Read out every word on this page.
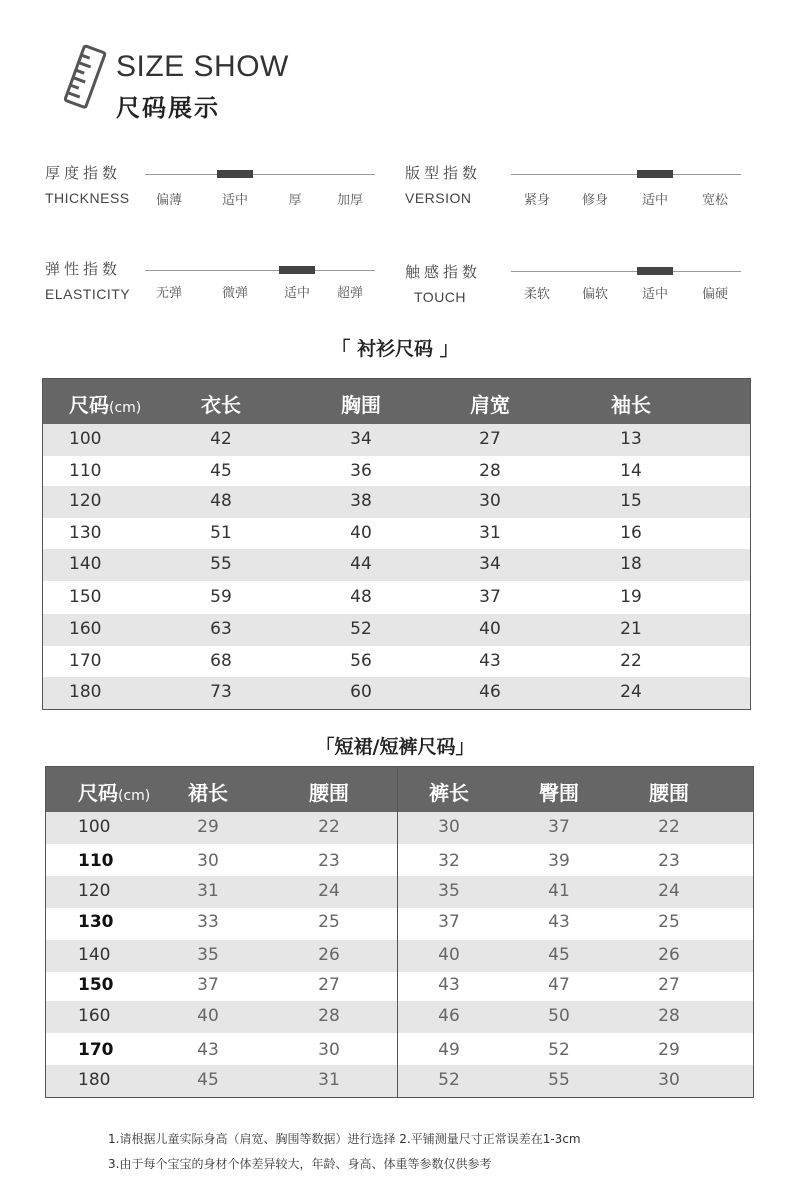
SIZE SHOW
尺码展示
厚度指数
THICKNESS 偏薄	适中	厚	加厚
版型指数
VERSION	紧身 修身	适中	宽松
弹性指数
ELASTICITY 无弹	微弹	适中 超弹
触感指数
TOUCH	柔软 偏软	适中	偏硬
「 衬衫尺码 」
尺码(cm)	衣长	胸围	肩宽	袖长
100	42	34	27	13
110	45	36	28	14
120	48	38	30	15
130	51	40	31	16
140	55	44	34	18
150	59	48	37	19
160	63	52	40	21
170	68	56	43	22
180	73	60	46	24
「短裙/短裤尺码」
尺码(cm) 裙长	腰围	裤长	臀围	腰围
100	29	22	30	37	22
110	30	23	32	39	23
120	31	24	35	41	24
130	33	25	37	43	25
140	35	26	40	45	26
150	37	27	43	47	27
160	40	28	46	50	28
170	43	30	49	52	29
180	45	31	52	55	30
1.请根据儿童实际身高（肩宽、胸围等数据）进行选择 2.平铺测量尺寸正常误差在1-3cm
3.由于每个宝宝的身材个体差异较大，年龄、身高、体重等参数仅供参考
